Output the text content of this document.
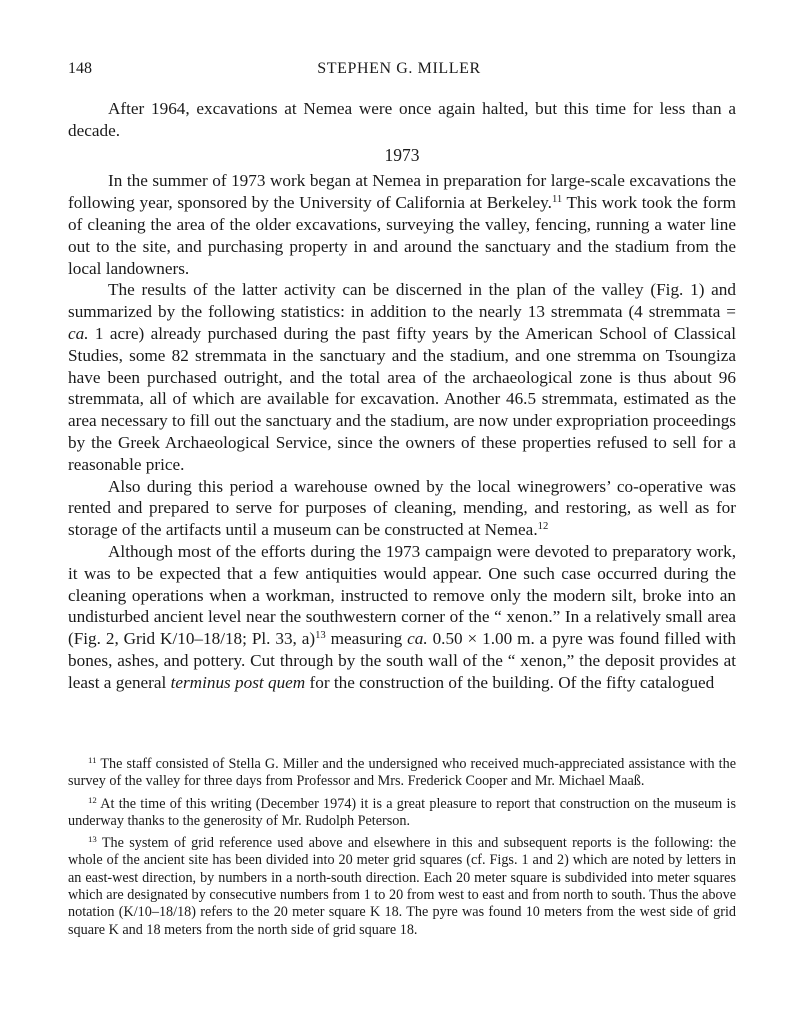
148	STEPHEN G. MILLER

After 1964, excavations at Nemea were once again halted, but this time for less than a decade.

1973

In the summer of 1973 work began at Nemea in preparation for large-scale excavations the following year, sponsored by the University of California at Berkeley.$^{11}$ This work took the form of cleaning the area of the older excavations, surveying the valley, fencing, running a water line out to the site, and purchasing property in and around the sanctuary and the stadium from the local landowners.

The results of the latter activity can be discerned in the plan of the valley (Fig. 1) and summarized by the following statistics: in addition to the nearly 13 stremmata (4 stremmata = ca. 1 acre) already purchased during the past fifty years by the American School of Classical Studies, some 82 stremmata in the sanctuary and the stadium, and one stremma on Tsoungiza have been purchased outright, and the total area of the archaeological zone is thus about 96 stremmata, all of which are available for excavation. Another 46.5 stremmata, estimated as the area necessary to fill out the sanctuary and the stadium, are now under expropriation proceedings by the Greek Archaeological Service, since the owners of these properties refused to sell for a reasonable price.

Also during this period a warehouse owned by the local winegrowers’ co-operative was rented and prepared to serve for purposes of cleaning, mending, and restoring, as well as for storage of the artifacts until a museum can be constructed at Nemea.$^{12}$

Although most of the efforts during the 1973 campaign were devoted to preparatory work, it was to be expected that a few antiquities would appear. One such case occurred during the cleaning operations when a workman, instructed to remove only the modern silt, broke into an undisturbed ancient level near the southwestern corner of the “ xenon.” In a relatively small area (Fig. 2, Grid K/10–18/18; Pl. 33, a)$^{13}$ measuring ca. 0.50 × 1.00 m. a pyre was found filled with bones, ashes, and pottery. Cut through by the south wall of the “ xenon,” the deposit provides at least a general terminus post quem for the construction of the building. Of the fifty catalogued

$^{11}$ The staff consisted of Stella G. Miller and the undersigned who received much-appreciated assistance with the survey of the valley for three days from Professor and Mrs. Frederick Cooper and Mr. Michael Maaß.

$^{12}$ At the time of this writing (December 1974) it is a great pleasure to report that construction on the museum is underway thanks to the generosity of Mr. Rudolph Peterson.

$^{13}$ The system of grid reference used above and elsewhere in this and subsequent reports is the following: the whole of the ancient site has been divided into 20 meter grid squares (cf. Figs. 1 and 2) which are noted by letters in an east-west direction, by numbers in a north-south direction. Each 20 meter square is subdivided into meter squares which are designated by consecutive numbers from 1 to 20 from west to east and from north to south. Thus the above notation (K/10–18/18) refers to the 20 meter square K 18. The pyre was found 10 meters from the west side of grid square K and 18 meters from the north side of grid square 18.
